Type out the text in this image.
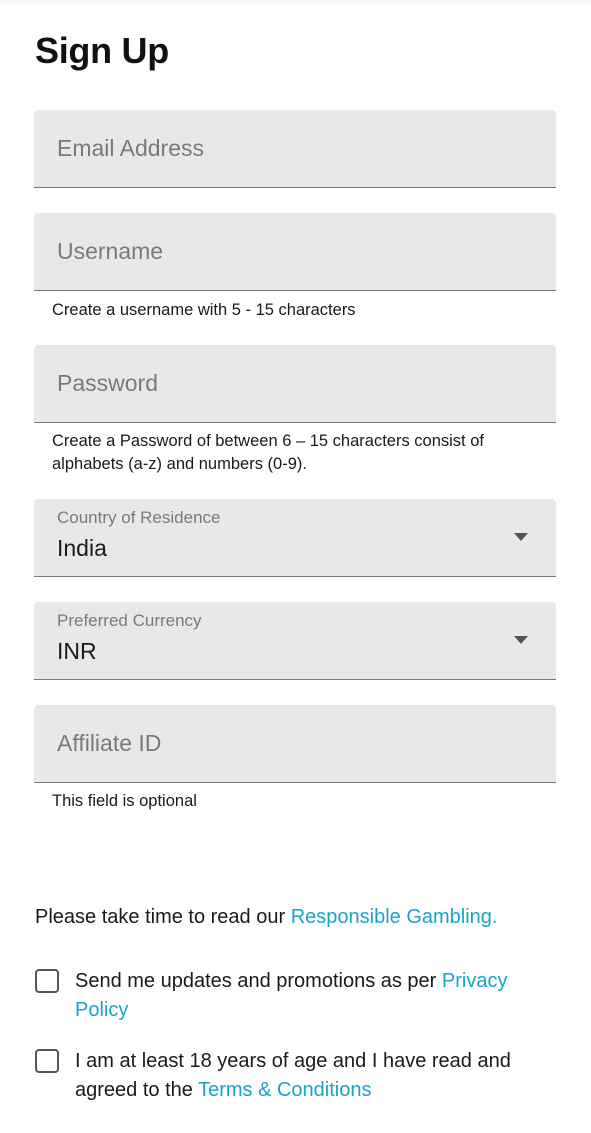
Sign Up
Email Address
Username
Create a username with 5 - 15 characters
Create a Password of between 6 – 15 characters consist of alphabets (a-z) and numbers (0-9).
Country of Residence
India
Preferred Currency
INR
Affiliate ID
This field is optional
Please take time to read our Responsible Gambling.
Send me updates and promotions as per Privacy Policy
I am at least 18 years of age and I have read and agreed to the Terms & Conditions
